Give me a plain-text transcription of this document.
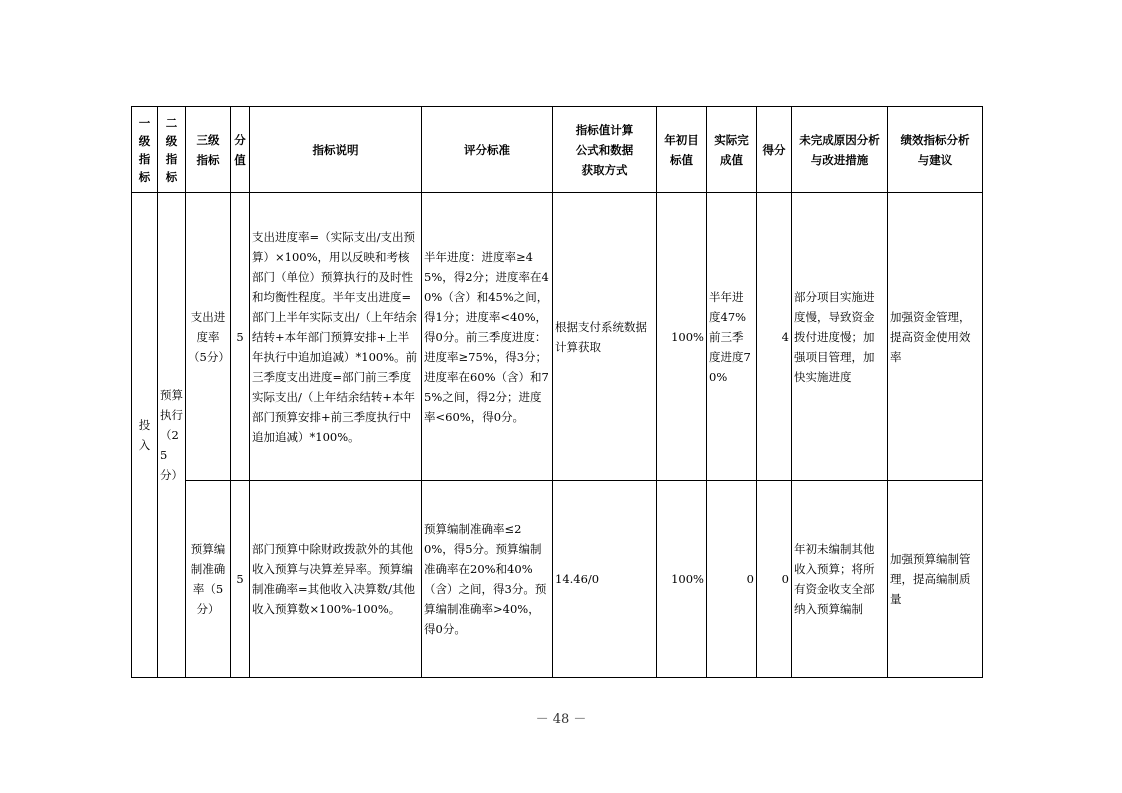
一
级
指
标	二
级
指
标	三级
指标	分
值	指标说明	评分标准	指标值计算
公式和数据
获取方式	年初目
标值	实际完
成值	得分	未完成原因分析
与改进措施	绩效指标分析
与建议

投入	预算执行（25分）	支出进度率（5分）	5	支出进度率=（实际支出/支出预算）×100%，用以反映和考核部门（单位）预算执行的及时性和均衡性程度。半年支出进度=部门上半年实际支出/（上年结余结转+本年部门预算安排+上半年执行中追加追减）*100%。前三季度支出进度=部门前三季度实际支出/（上年结余结转+本年部门预算安排+前三季度执行中追加追减）*100%。	半年进度：进度率≥45%，得2分；进度率在40%（含）和45%之间，得1分；进度率<40%，得0分。前三季度进度：进度率≥75%，得3分；进度率在60%（含）和75%之间，得2分；进度率<60%，得0分。	根据支付系统数据计算获取	100%	半年进度47%前三季度进度70%	4	部分项目实施进度慢，导致资金拨付进度慢；加强项目管理，加快实施进度	加强资金管理，提高资金使用效率
		预算编制准确率（5分）	5	部门预算中除财政拨款外的其他收入预算与决算差异率。预算编制准确率=其他收入决算数/其他收入预算数×100%-100%。	预算编制准确率≤20%，得5分。预算编制准确率在20%和40%（含）之间，得3分。预算编制准确率>40%，得0分。	14.46/0	100%	0	0	年初未编制其他收入预算；将所有资金收支全部纳入预算编制	加强预算编制管理，提高编制质量
－ 48 －
